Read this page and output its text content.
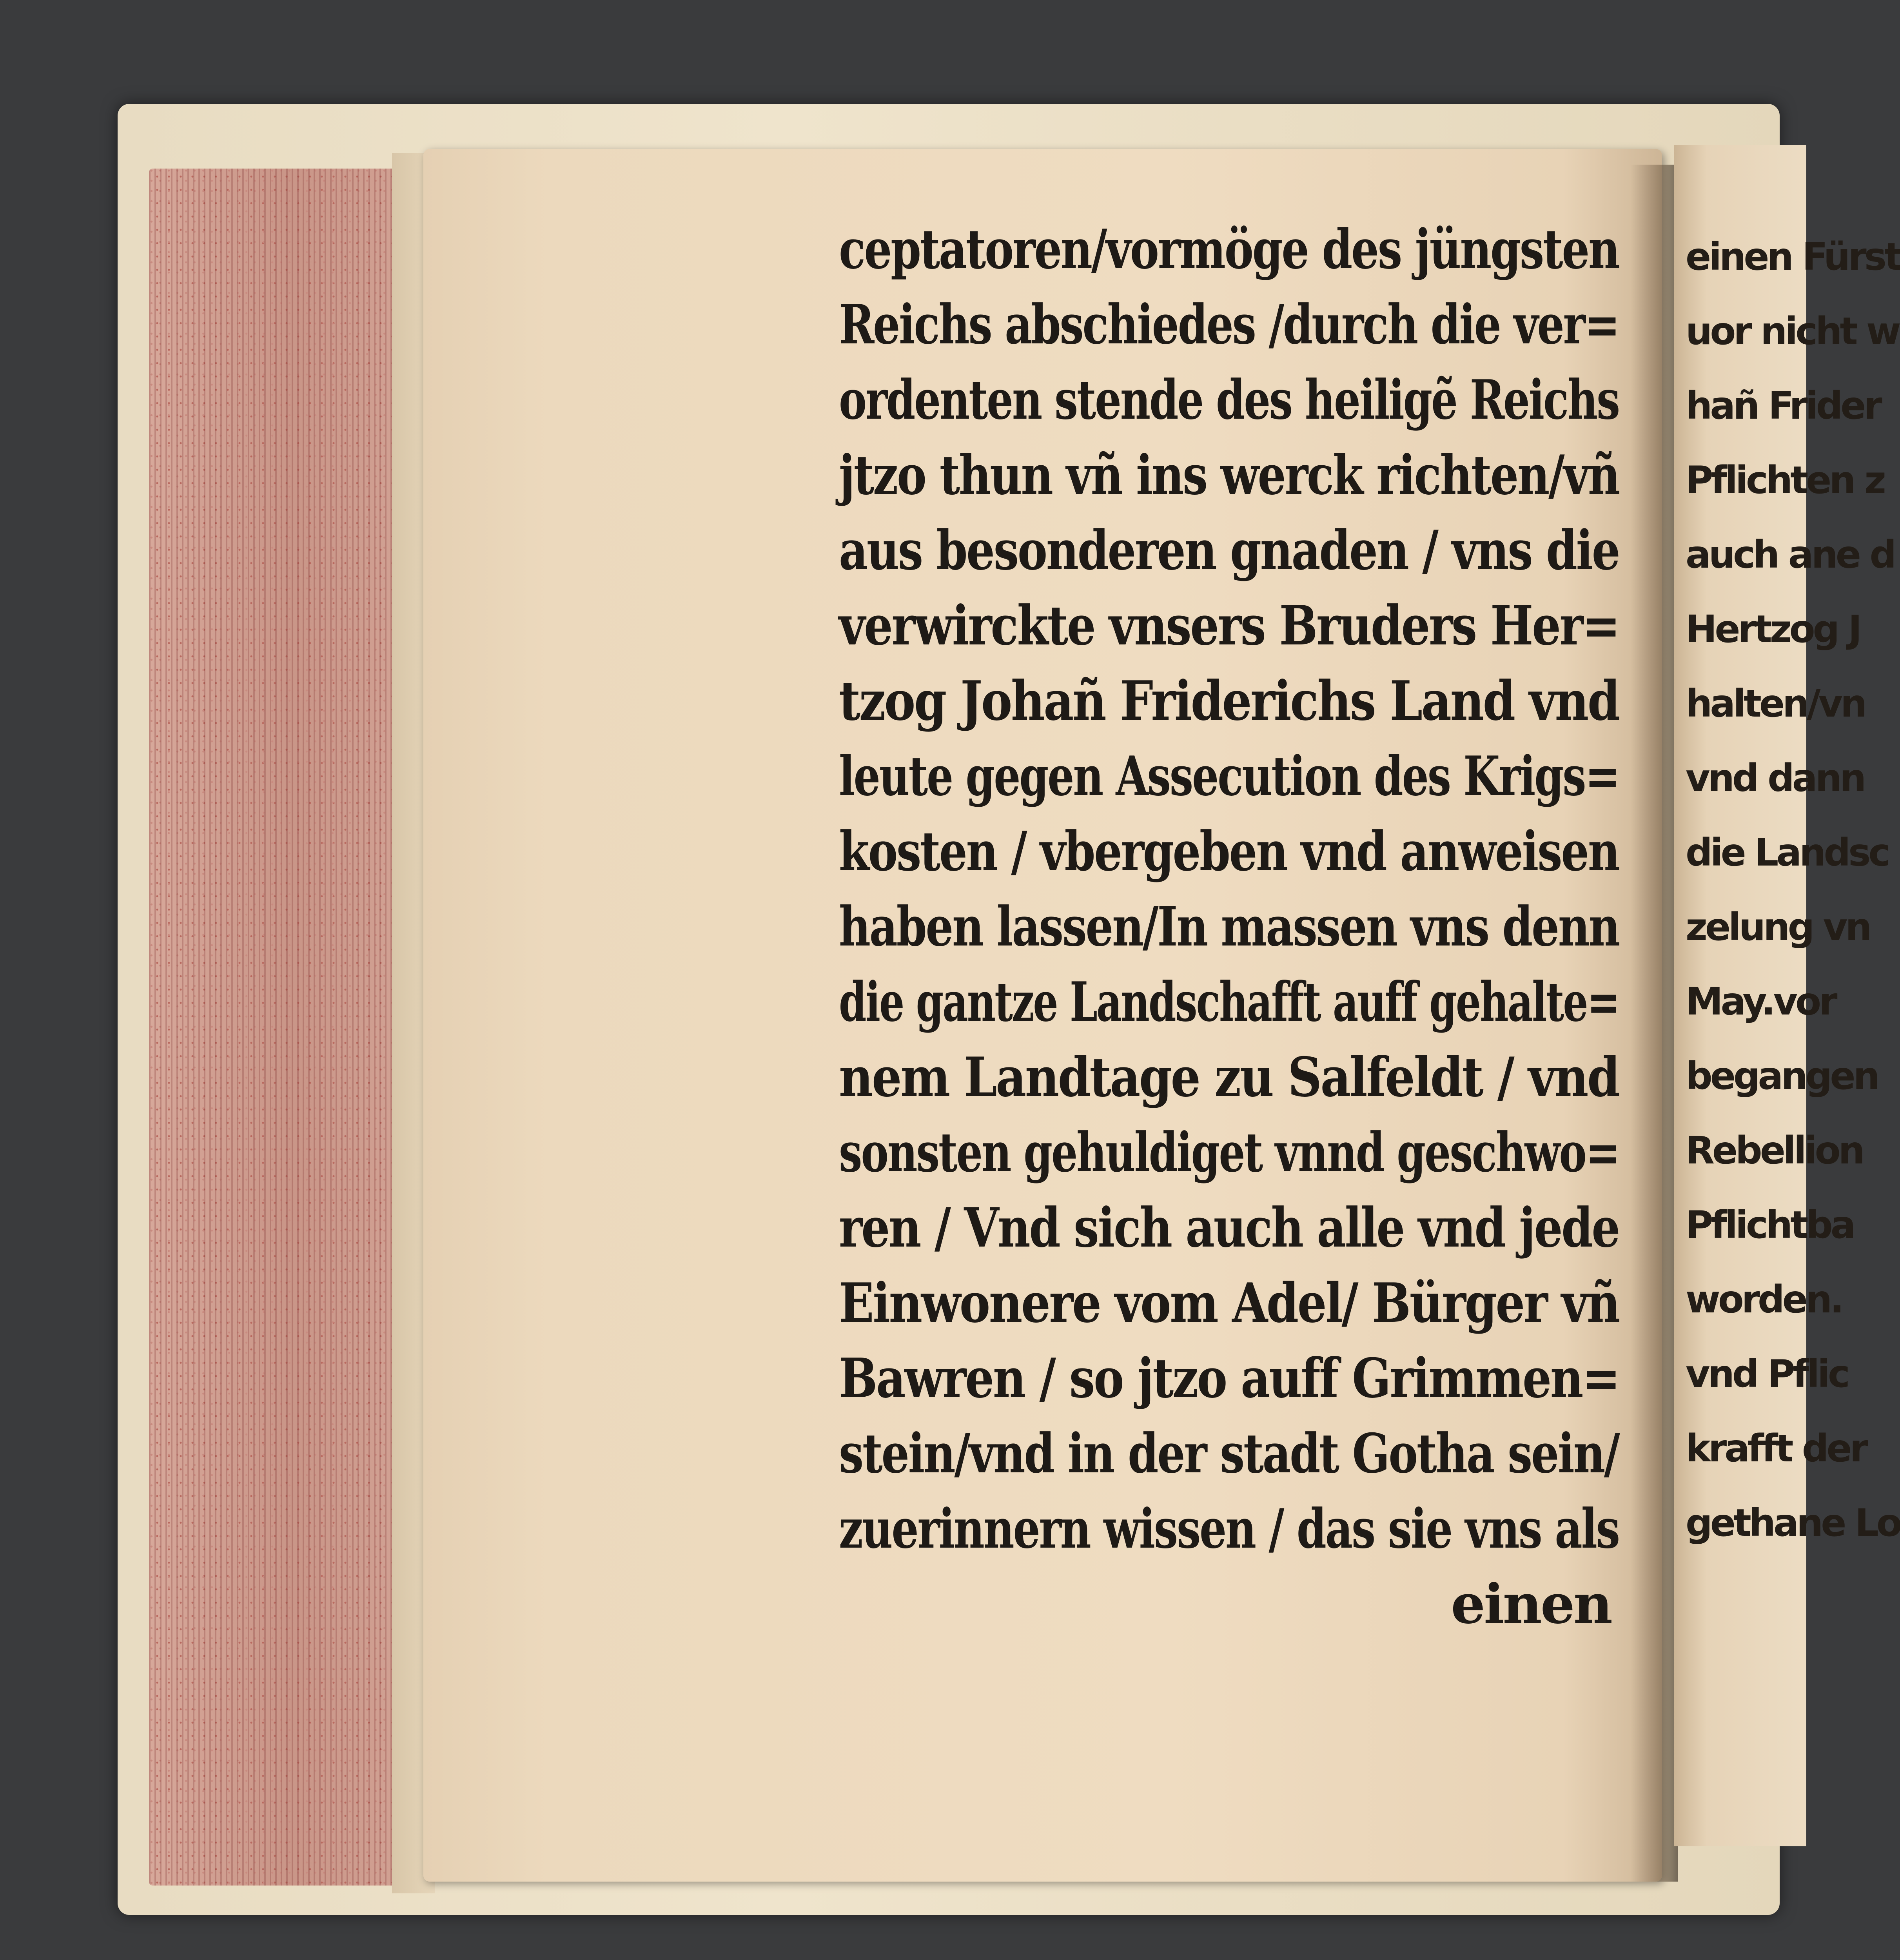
ceptatoren/vormöge des jüngsten
Reichs abschiedes /durch die ver=
ordenten stende des heiligẽ Reichs
jtzo thun vñ ins werck richten/vñ
aus besonderen gnaden / vns die
verwirckte vnsers Bruders Her=
tzog Johañ Friderichs Land vnd
leute gegen Assecution des Krigs=
kosten / vbergeben vnd anweisen
haben lassen/In massen vns denn
die gantze Landschafft auff gehalte=
nem Landtage zu Salfeldt / vnd
sonsten gehuldiget vnnd geschwo=
ren / Vnd sich auch alle vnd jede
Einwonere vom Adel/ Bürger vñ
Bawren / so jtzo auff Grimmen=
stein/vnd in der stadt Gotha sein/
zuerinnern wissen / das sie vns als
einen
einen Fürst
uor nicht w
hañ Frider
Pflichten z
auch ane d
Hertzog J
halten/vn
vnd dann
die Landsc
zelung vn
May.vor
begangen
Rebellion
Pflichtba
worden.
vnd Pflic
krafft der
gethane Lo
